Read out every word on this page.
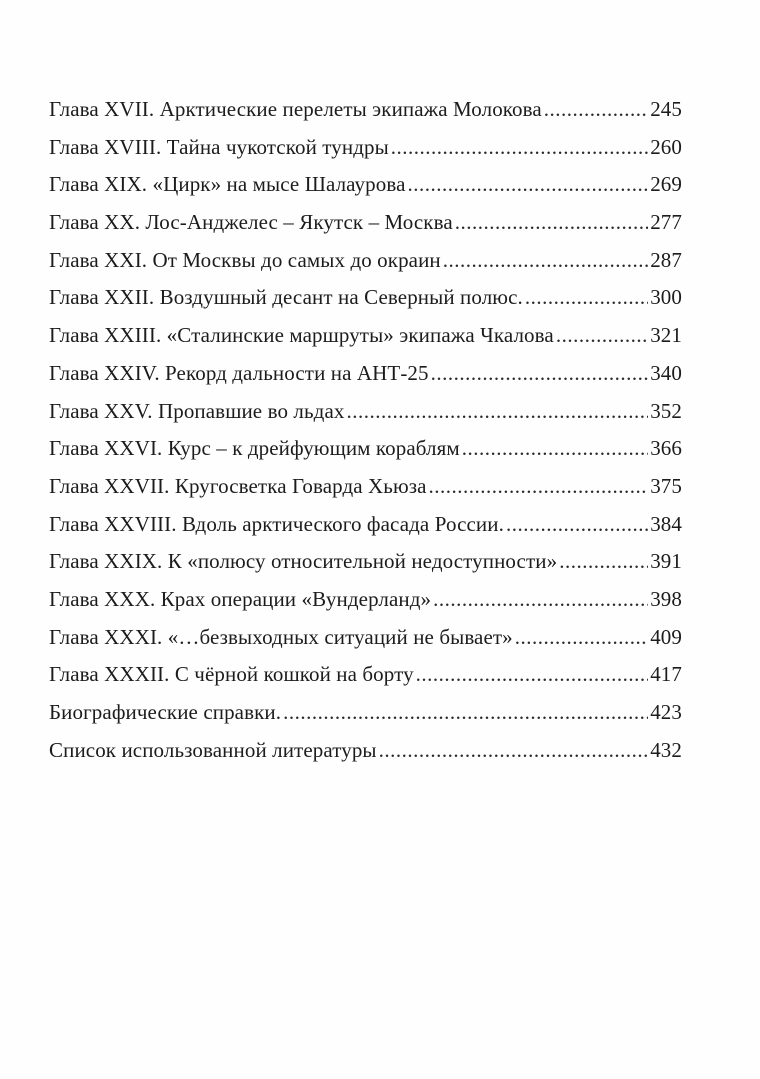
Глава XVII. Арктические перелеты экипажа Молокова .....	245
Глава XVIII. Тайна чукотской тундры .....	260
Глава XIX. «Цирк» на мысе Шалаурова .....	269
Глава XX. Лос-Анджелес – Якутск – Москва .....	277
Глава XXI. От Москвы до самых до окраин .....	287
Глава XXII. Воздушный десант на Северный полюс. .....	300
Глава XXIII. «Сталинские маршруты» экипажа Чкалова .....	321
Глава XXIV. Рекорд дальности на АНТ-25 .....	340
Глава XXV. Пропавшие во льдах .....	352
Глава XXVI. Курс – к дрейфующим кораблям .....	366
Глава XXVII. Кругосветка Говарда Хьюза .....	375
Глава XXVIII. Вдоль арктического фасада России. .....	384
Глава XXIX. К «полюсу относительной недоступности» .....	391
Глава XXX. Крах операции «Вундерланд» .....	398
Глава XXXI. «…безвыходных ситуаций не бывает» .....	409
Глава XXXII. С чёрной кошкой на борту .....	417
Биографические справки. .....	423
Список использованной литературы .....	432
